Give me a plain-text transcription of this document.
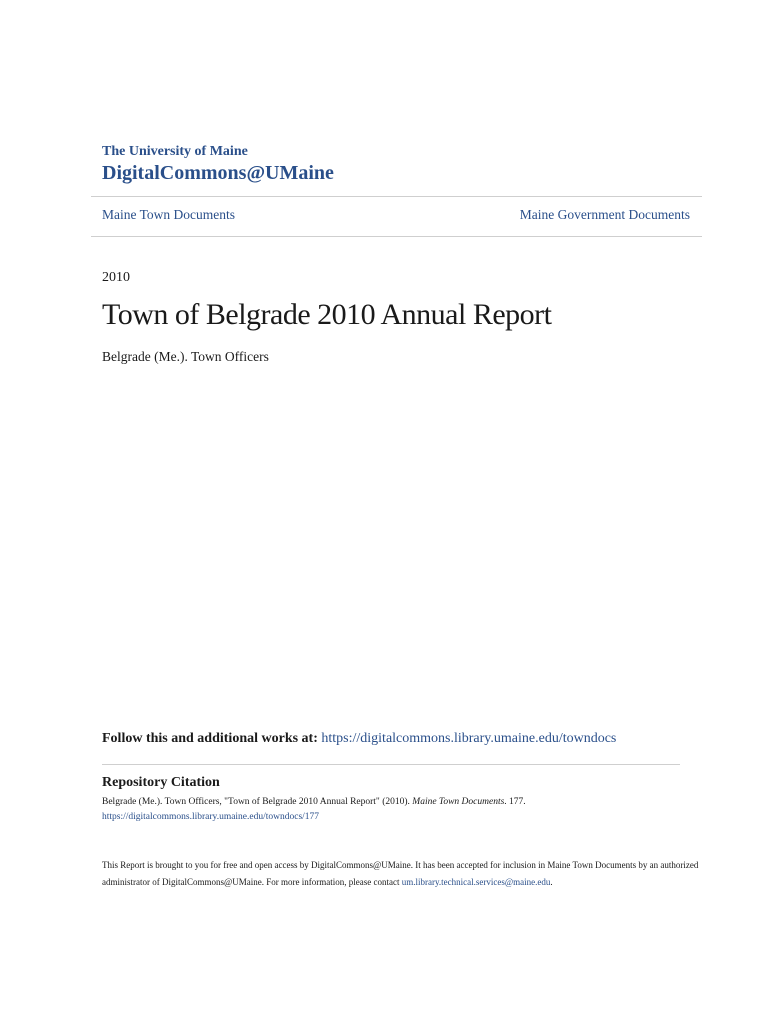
The University of Maine
DigitalCommons@UMaine
Maine Town Documents	Maine Government Documents
2010
Town of Belgrade 2010 Annual Report
Belgrade (Me.). Town Officers
Follow this and additional works at: https://digitalcommons.library.umaine.edu/towndocs
Repository Citation
Belgrade (Me.). Town Officers, "Town of Belgrade 2010 Annual Report" (2010). Maine Town Documents. 177.
https://digitalcommons.library.umaine.edu/towndocs/177
This Report is brought to you for free and open access by DigitalCommons@UMaine. It has been accepted for inclusion in Maine Town Documents by an authorized administrator of DigitalCommons@UMaine. For more information, please contact um.library.technical.services@maine.edu.
